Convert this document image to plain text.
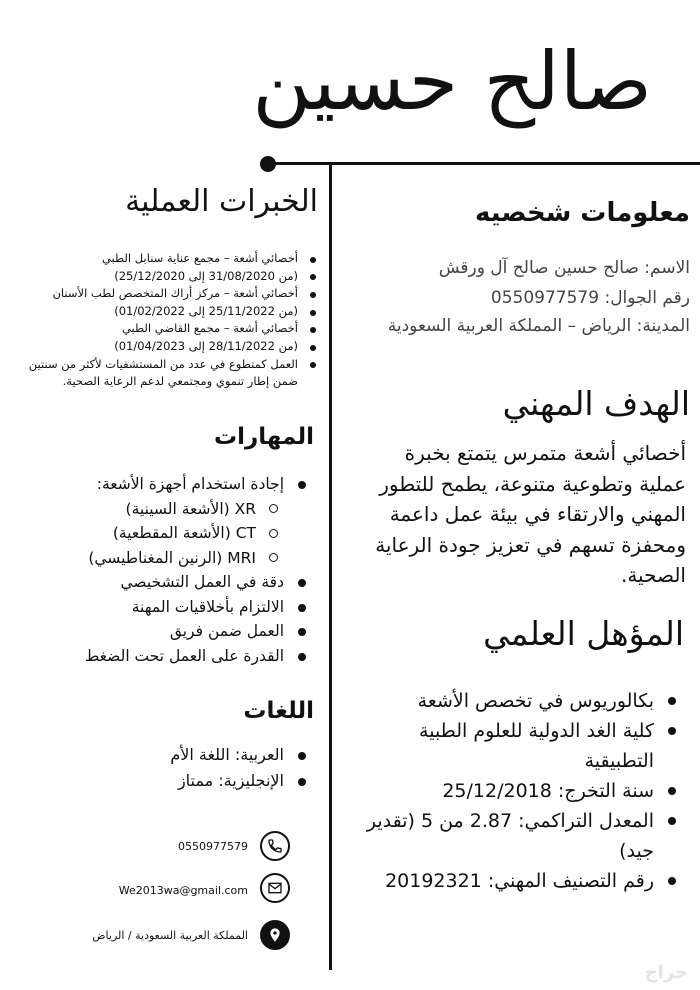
صالح حسين
معلومات شخصيه
الاسم: صالح حسين صالح آل ورقش
رقم الجوال: 0550977579
المدينة: الرياض – المملكة العربية السعودية
الهدف المهني
أخصائي أشعة متمرس يتمتع بخبرة
عملية وتطوعية متنوعة، يطمح للتطور
المهني والارتقاء في بيئة عمل داعمة
ومحفزة تسهم في تعزيز جودة الرعاية
الصحية.
المؤهل العلمي
بكالوريوس في تخصص الأشعة
كلية الغد الدولية للعلوم الطبية التطبيقية
سنة التخرج: 25/12/2018
المعدل التراكمي: 2.87 من 5 (تقدير جيد)
رقم التصنيف المهني: 20192321
الخبرات العملية
أخصائي أشعة – مجمع عناية سنابل الطبي
(من 31/08/2020 إلى 25/12/2020)
أخصائي أشعة – مركز أراك المتخصص لطب الأسنان
(من 25/11/2022 إلى 01/02/2022)
أخصائي أشعة – مجمع القاضي الطبي
(من 28/11/2022 إلى 01/04/2023)
العمل كمتطوع في عدد من المستشفيات لأكثر من سنتين ضمن إطار تنموي ومجتمعي لدعم الرعاية الصحية.
المهارات
إجادة استخدام أجهزة الأشعة:
XR (الأشعة السينية)
CT (الأشعة المقطعية)
MRI (الرنين المغناطيسي)
دقة في العمل التشخيصي
الالتزام بأخلاقيات المهنة
العمل ضمن فريق
القدرة على العمل تحت الضغط
اللغات
العربية: اللغة الأم
الإنجليزية: ممتاز
0550977579
We2013wa@gmail.com
المملكة العربية السعودية / الرياض
حراج
